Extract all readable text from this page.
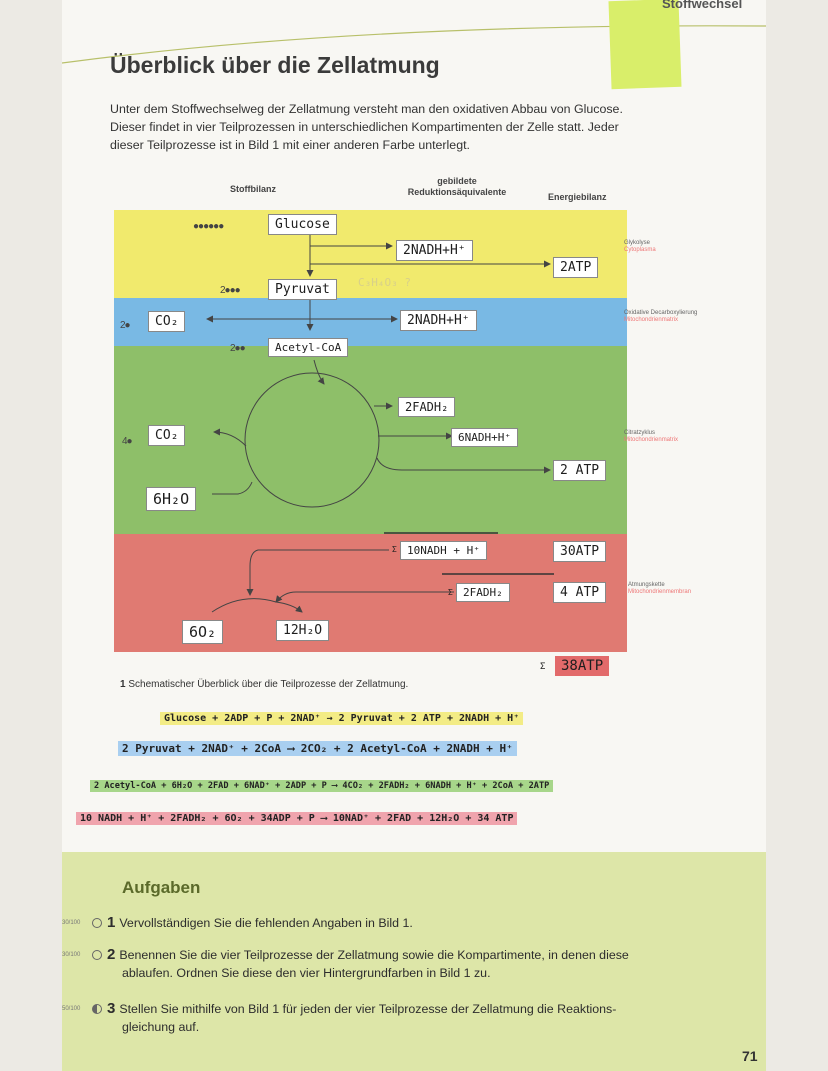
Stoffwechsel
Überblick über die Zellatmung
Unter dem Stoffwechselweg der Zellatmung versteht man den oxidativen Abbau von Glucose. Dieser findet in vier Teilprozessen in unterschiedlichen Kompartimenten der Zelle statt. Jeder dieser Teilprozesse ist in Bild 1 mit einer anderen Farbe unterlegt.
Stoffbilanz
gebildete
Reduktionsäquivalente	Energiebilanz
●●●●●●	Glucose
2NADH+H⁺
2ATP
C₃H₄O₃ ?
Glykolyse
Cytoplasma
2●●●	Pyruvat
2●	CO₂	2NADH+H⁺	Oxidative Decarboxylierung
Mitochondrienmatrix
2●●	Acetyl-CoA
2FADH₂
6NADH+H⁺
4●	CO₂
6H₂O
2 ATP
Citratzyklus
Mitochondrienmatrix
Σ 10NADH + H⁺
Σ 2FADH₂
30ATP
4 ATP
6O₂	12H₂O
Atmungskette
Mitochondrienmembran
Σ	38ATP
1 Schematischer Überblick über die Teilprozesse der Zellatmung.
Glucose + 2ADP + P + 2NAD⁺ → 2 Pyruvat + 2 ATP + 2NADH + H⁺
2 Pyruvat + 2NAD⁺ + 2CoA ⟶ 2CO₂ + 2 Acetyl-CoA + 2NADH + H⁺
2 Acetyl-CoA + 6H₂O + 2FAD + 6NAD⁺ + 2ADP + P ⟶ 4CO₂ + 2FADH₂ + 6NADH + H⁺ + 2CoA + 2ATP
10 NADH + H⁺ + 2FADH₂ + 6O₂ + 34ADP + P ⟶ 10NAD⁺ + 2FAD + 12H₂O + 34 ATP
Aufgaben
30/100 1 Vervollständigen Sie die fehlenden Angaben in Bild 1.
30/100 2 Benennen Sie die vier Teilprozesse der Zellatmung sowie die Kompartimente, in denen diese
ablaufen. Ordnen Sie diese den vier Hintergrundfarben in Bild 1 zu.
50/100 3 Stellen Sie mithilfe von Bild 1 für jeden der vier Teilprozesse der Zellatmung die Reaktions-
gleichung auf.
71
